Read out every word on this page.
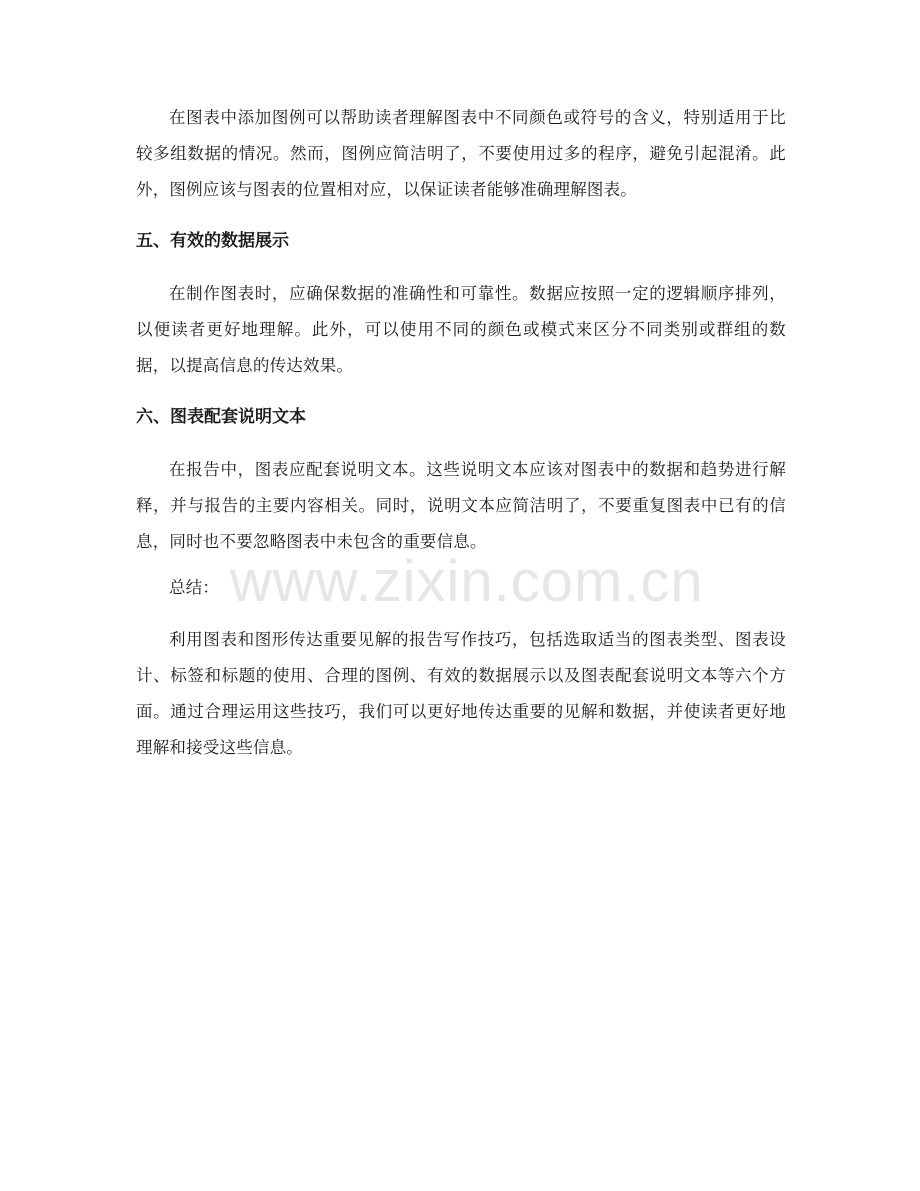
www.zixin.com.cn

在图表中添加图例可以帮助读者理解图表中不同颜色或符号的含义，特别适用于比较多组数据的情况。然而，图例应简洁明了，不要使用过多的程序，避免引起混淆。此外，图例应该与图表的位置相对应，以保证读者能够准确理解图表。

五、有效的数据展示

在制作图表时，应确保数据的准确性和可靠性。数据应按照一定的逻辑顺序排列，以便读者更好地理解。此外，可以使用不同的颜色或模式来区分不同类别或群组的数据，以提高信息的传达效果。

六、图表配套说明文本

在报告中，图表应配套说明文本。这些说明文本应该对图表中的数据和趋势进行解释，并与报告的主要内容相关。同时，说明文本应简洁明了，不要重复图表中已有的信息，同时也不要忽略图表中未包含的重要信息。

总结：

利用图表和图形传达重要见解的报告写作技巧，包括选取适当的图表类型、图表设计、标签和标题的使用、合理的图例、有效的数据展示以及图表配套说明文本等六个方面。通过合理运用这些技巧，我们可以更好地传达重要的见解和数据，并使读者更好地理解和接受这些信息。
